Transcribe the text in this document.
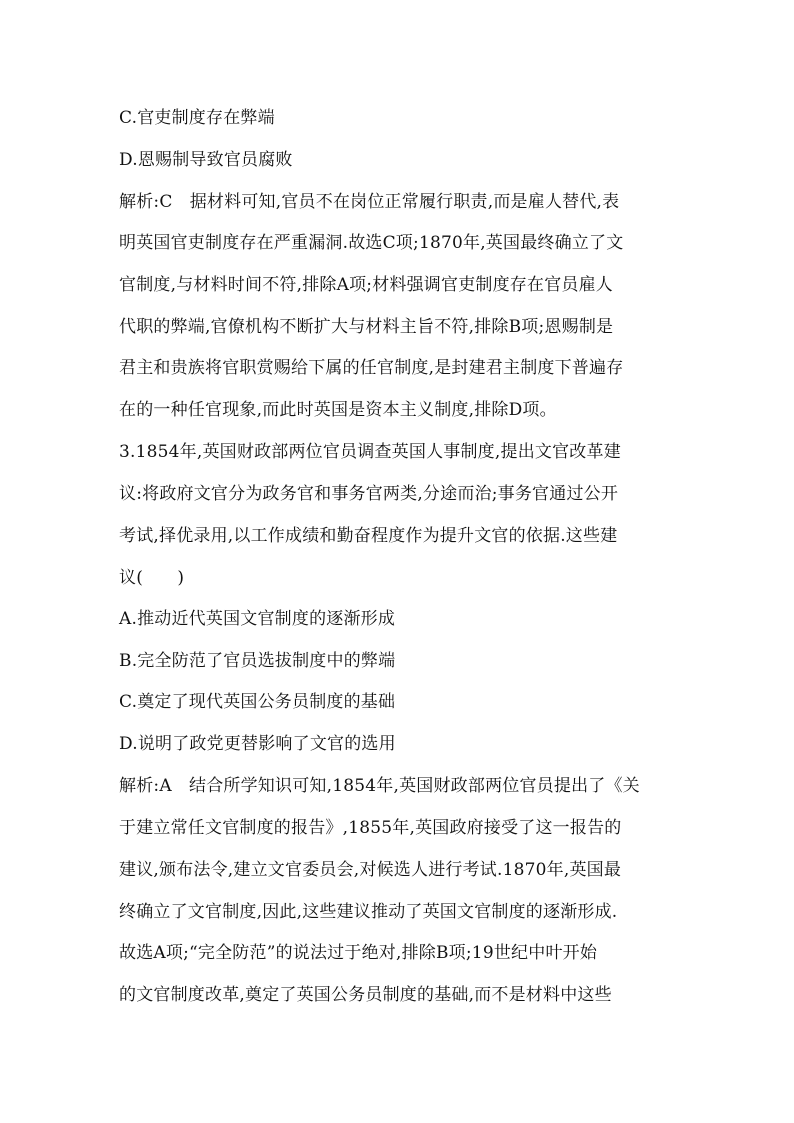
C.官吏制度存在弊端
D.恩赐制导致官员腐败
解析:C　据材料可知,官员不在岗位正常履行职责,而是雇人替代,表
明英国官吏制度存在严重漏洞.故选C项;1870年,英国最终确立了文
官制度,与材料时间不符,排除A项;材料强调官吏制度存在官员雇人
代职的弊端,官僚机构不断扩大与材料主旨不符,排除B项;恩赐制是
君主和贵族将官职赏赐给下属的任官制度,是封建君主制度下普遍存
在的一种任官现象,而此时英国是资本主义制度,排除D项。
3.1854年,英国财政部两位官员调查英国人事制度,提出文官改革建
议:将政府文官分为政务官和事务官两类,分途而治;事务官通过公开
考试,择优录用,以工作成绩和勤奋程度作为提升文官的依据.这些建
议(　　)
A.推动近代英国文官制度的逐渐形成
B.完全防范了官员选拔制度中的弊端
C.奠定了现代英国公务员制度的基础
D.说明了政党更替影响了文官的选用
解析:A　结合所学知识可知,1854年,英国财政部两位官员提出了《关
于建立常任文官制度的报告》,1855年,英国政府接受了这一报告的
建议,颁布法令,建立文官委员会,对候选人进行考试.1870年,英国最
终确立了文官制度,因此,这些建议推动了英国文官制度的逐渐形成.
故选A项;“完全防范”的说法过于绝对,排除B项;19世纪中叶开始
的文官制度改革,奠定了英国公务员制度的基础,而不是材料中这些
